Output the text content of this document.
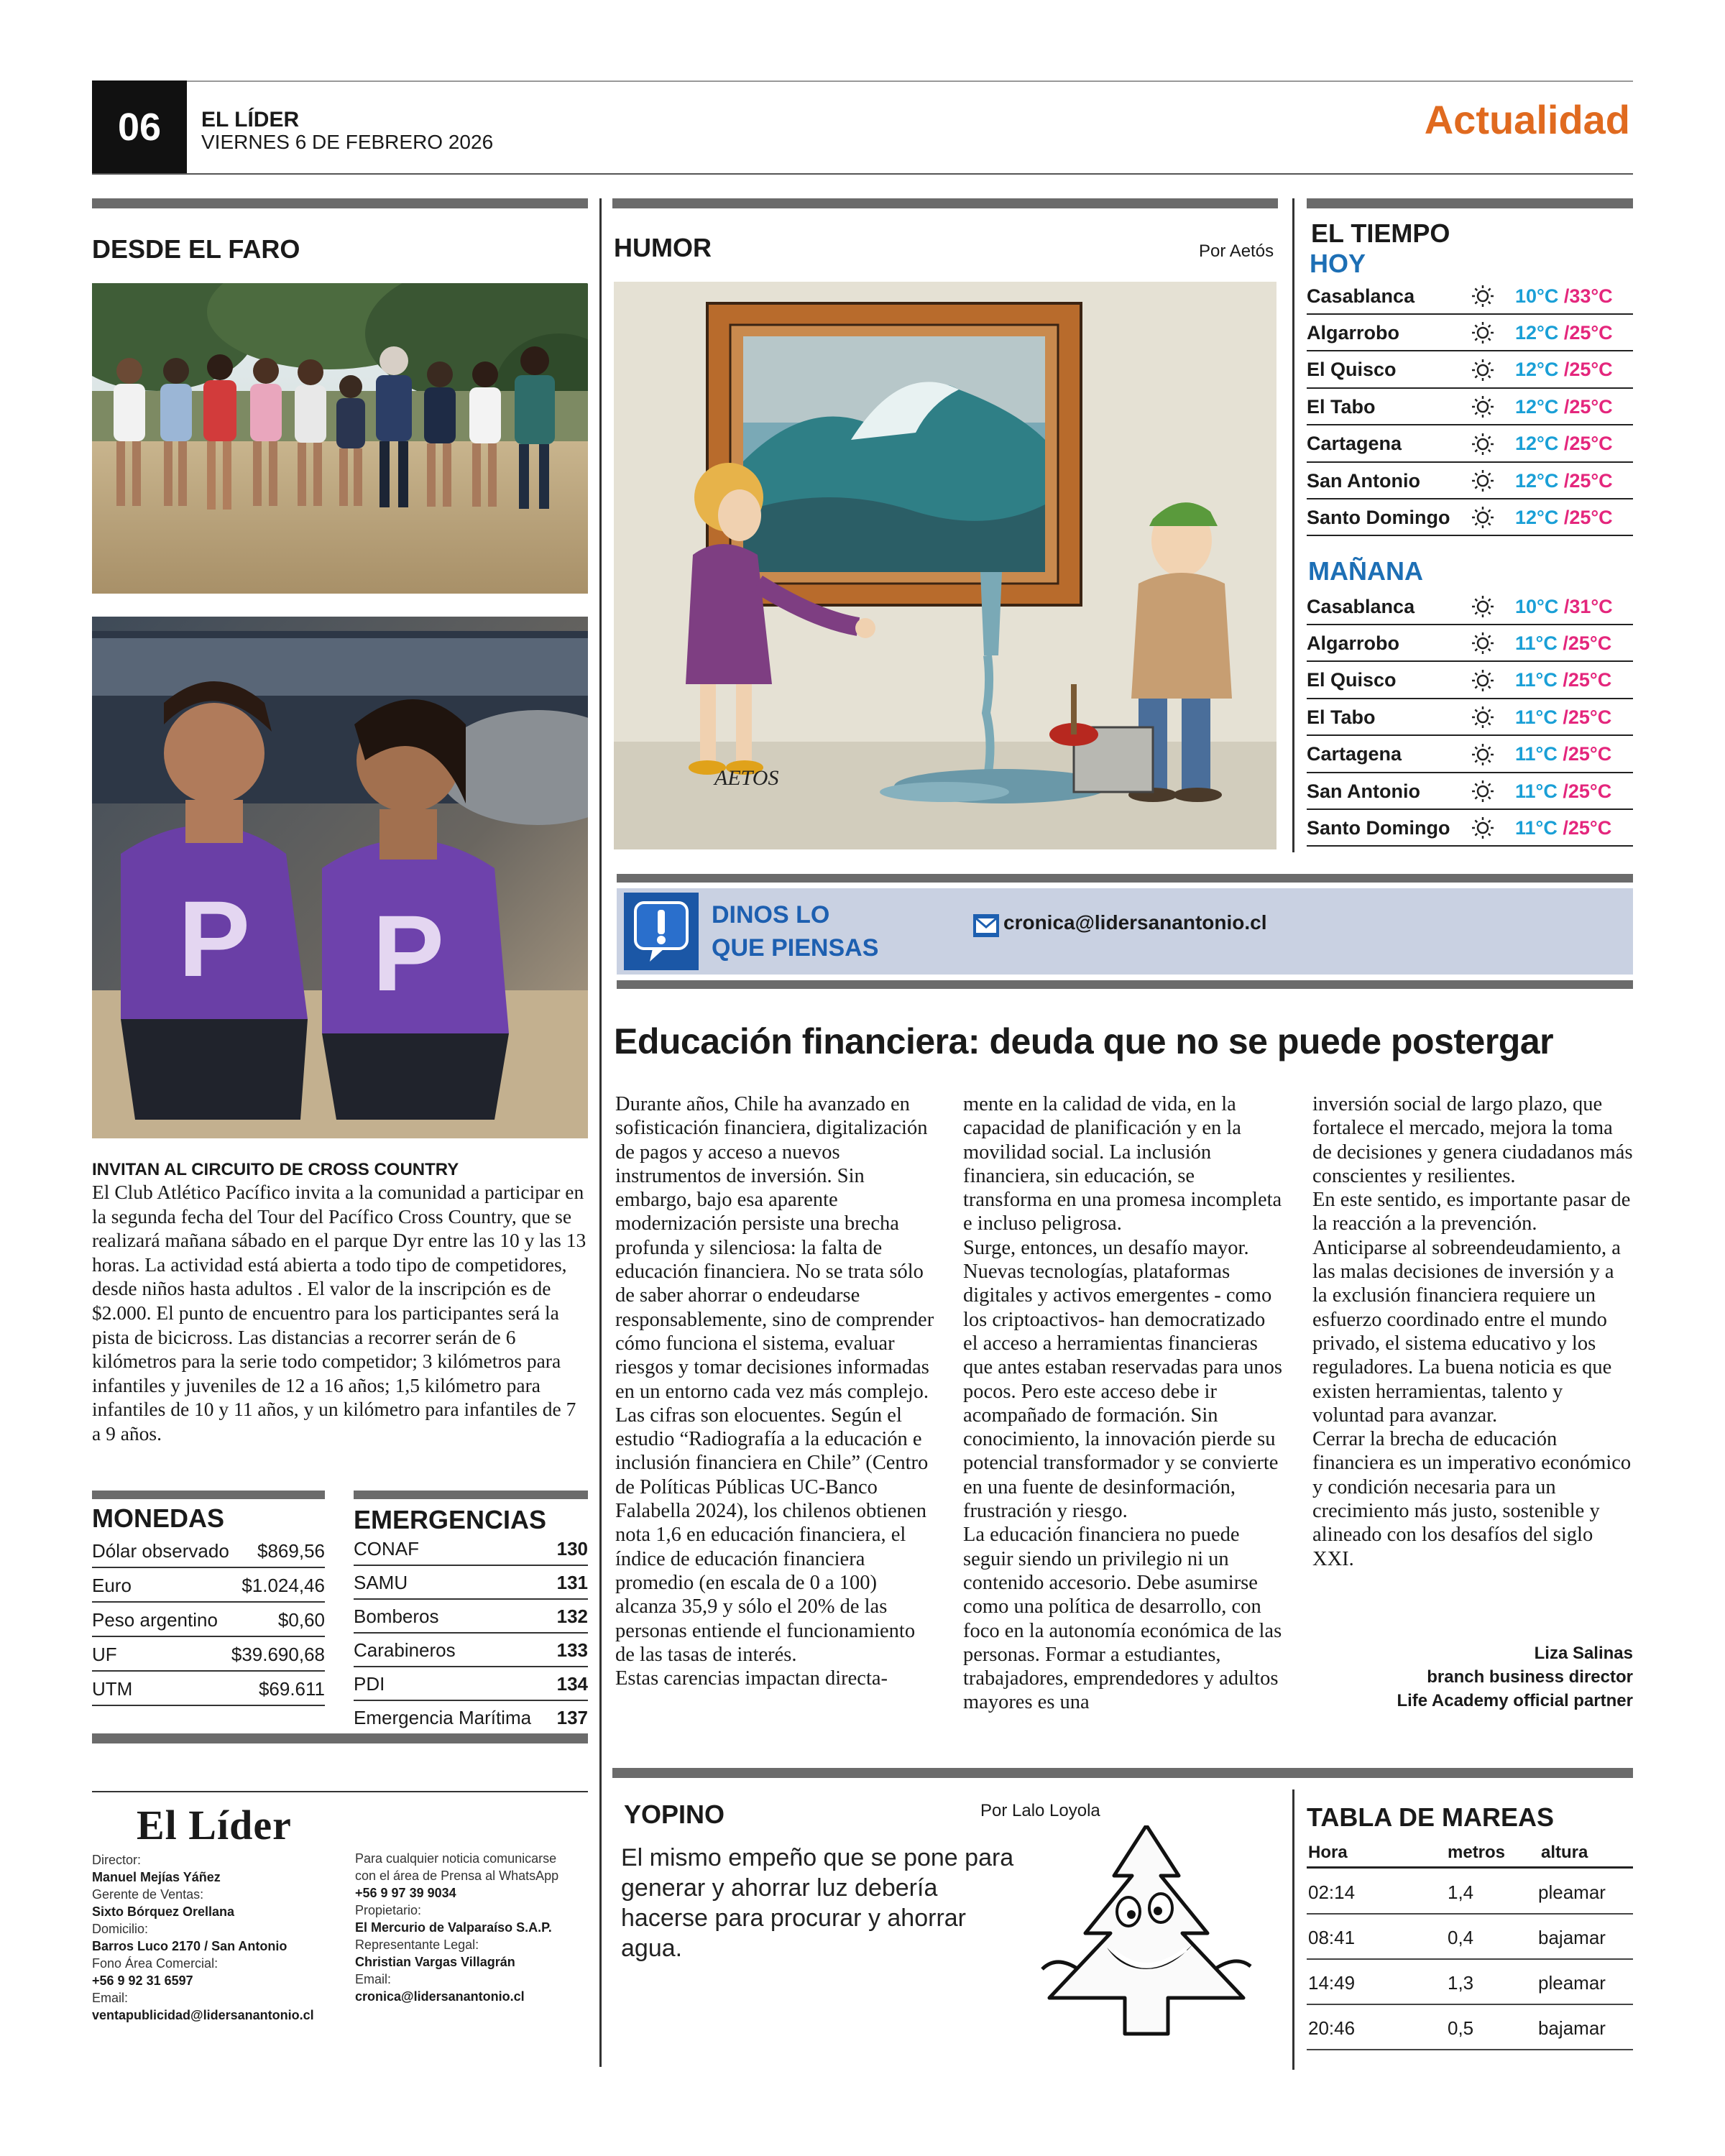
06	EL LÍDER
VIERNES 6 DE FEBRERO 2026	Actualidad
DESDE EL FARO
P P
INVITAN AL CIRCUITO DE CROSS COUNTRY
El Club Atlético Pacífico invita a la comunidad a participar en la segunda fecha del Tour del Pacífico Cross Country, que se realizará mañana sábado en el parque Dyr entre las 10 y las 13 horas. La actividad está abierta a todo tipo de competidores, desde niños hasta adultos . El valor de la inscripción es de $2.000. El punto de encuentro para los participantes será la pista de bicicross. Las distancias a recorrer serán de 6 kilómetros para la serie todo competidor; 3 kilómetros para infantiles y juveniles de 12 a 16 años; 1,5 kilómetro para infantiles de 10 y 11 años, y un kilómetro para infantiles de 7 a 9 años.
MONEDAS
Dólar observado $869,56
Euro	$1.024,46
Peso argentino	$0,60
UF	$39.690,68
UTM	$69.611
EMERGENCIAS
CONAF	130
SAMU	131
Bomberos	132
Carabineros	133
PDI	134
Emergencia Marítima 137
El Líder
Director:
Manuel Mejías Yáñez
Gerente de Ventas:
Sixto Bórquez Orellana
Domicilio:
Barros Luco 2170 / San Antonio
Fono Área Comercial:
+56 9 92 31 6597
Email:
ventapublicidad@lidersanantonio.cl
Para cualquier noticia comunicarse
con el área de Prensa al WhatsApp
+56 9 97 39 9034
Propietario:
El Mercurio de Valparaíso S.A.P.
Representante Legal:
Christian Vargas Villagrán
Email:
cronica@lidersanantonio.cl
HUMOR	Por Aetós
AETOS
EL TIEMPO
HOY
Casablanca	10°C /33°C
Algarrobo	12°C /25°C
El Quisco	12°C /25°C
El Tabo	12°C /25°C
Cartagena	12°C /25°C
San Antonio	12°C /25°C
Santo Domingo	12°C /25°C
MAÑANA
Casablanca	10°C /31°C
Algarrobo	11°C /25°C
El Quisco	11°C /25°C
El Tabo	11°C /25°C
Cartagena	11°C /25°C
San Antonio	11°C /25°C
Santo Domingo	11°C /25°C
DINOS LO
QUE PIENSAS
cronica@lidersanantonio.cl
Educación financiera: deuda que no se puede postergar

Durante años, Chile ha avanzado en sofisticación financiera, digitalización de pagos y acceso a nuevos instrumentos de inversión. Sin embargo, bajo esa aparente modernización persiste una brecha profunda y silenciosa: la falta de educación financiera. No se trata sólo de saber ahorrar o endeudarse responsablemente, sino de comprender cómo funciona el sistema, evaluar riesgos y tomar decisiones informadas en un entorno cada vez más complejo.

Las cifras son elocuentes. Según el estudio “Radiografía a la educación e inclusión financiera en Chile” (Centro de Políticas Públicas UC-Banco Falabella 2024), los chilenos obtienen nota 1,6 en educación financiera, el índice de educación financiera promedio (en escala de 0 a 100) alcanza 35,9 y sólo el 20% de las personas entiende el funcionamiento de las tasas de interés.

Estas carencias impactan directa-

mente en la calidad de vida, en la capacidad de planificación y en la movilidad social. La inclusión financiera, sin educación, se transforma en una promesa incompleta e incluso peligrosa.

Surge, entonces, un desafío mayor. Nuevas tecnologías, plataformas digitales y activos emergentes - como los criptoactivos- han democratizado el acceso a herramientas financieras que antes estaban reservadas para unos pocos. Pero este acceso debe ir acompañado de formación. Sin conocimiento, la innovación pierde su potencial transformador y se convierte en una fuente de desinformación, frustración y riesgo.

La educación financiera no puede seguir siendo un privilegio ni un contenido accesorio. Debe asumirse como una política de desarrollo, con foco en la autonomía económica de las personas. Formar a estudiantes, trabajadores, emprendedores y adultos mayores es una

inversión social de largo plazo, que fortalece el mercado, mejora la toma de decisiones y genera ciudadanos más conscientes y resilientes.

En este sentido, es importante pasar de la reacción a la prevención. Anticiparse al sobreendeudamiento, a las malas decisiones de inversión y a la exclusión financiera requiere un esfuerzo coordinado entre el mundo privado, el sistema educativo y los reguladores. La buena noticia es que existen herramientas, talento y voluntad para avanzar.

Cerrar la brecha de educación financiera es un imperativo económico y condición necesaria para un crecimiento más justo, sostenible y alineado con los desafíos del siglo XXI.

Liza Salinas
branch business director
Life Academy official partner
YOPINO	Por Lalo Loyola
El mismo empeño que se pone para generar y ahorrar luz debería hacerse para procurar y ahorrar agua.
TABLA DE MAREAS
Hora	metros altura
02:14	1,4	pleamar
08:41	0,4	bajamar
14:49	1,3	pleamar
20:46	0,5	bajamar
